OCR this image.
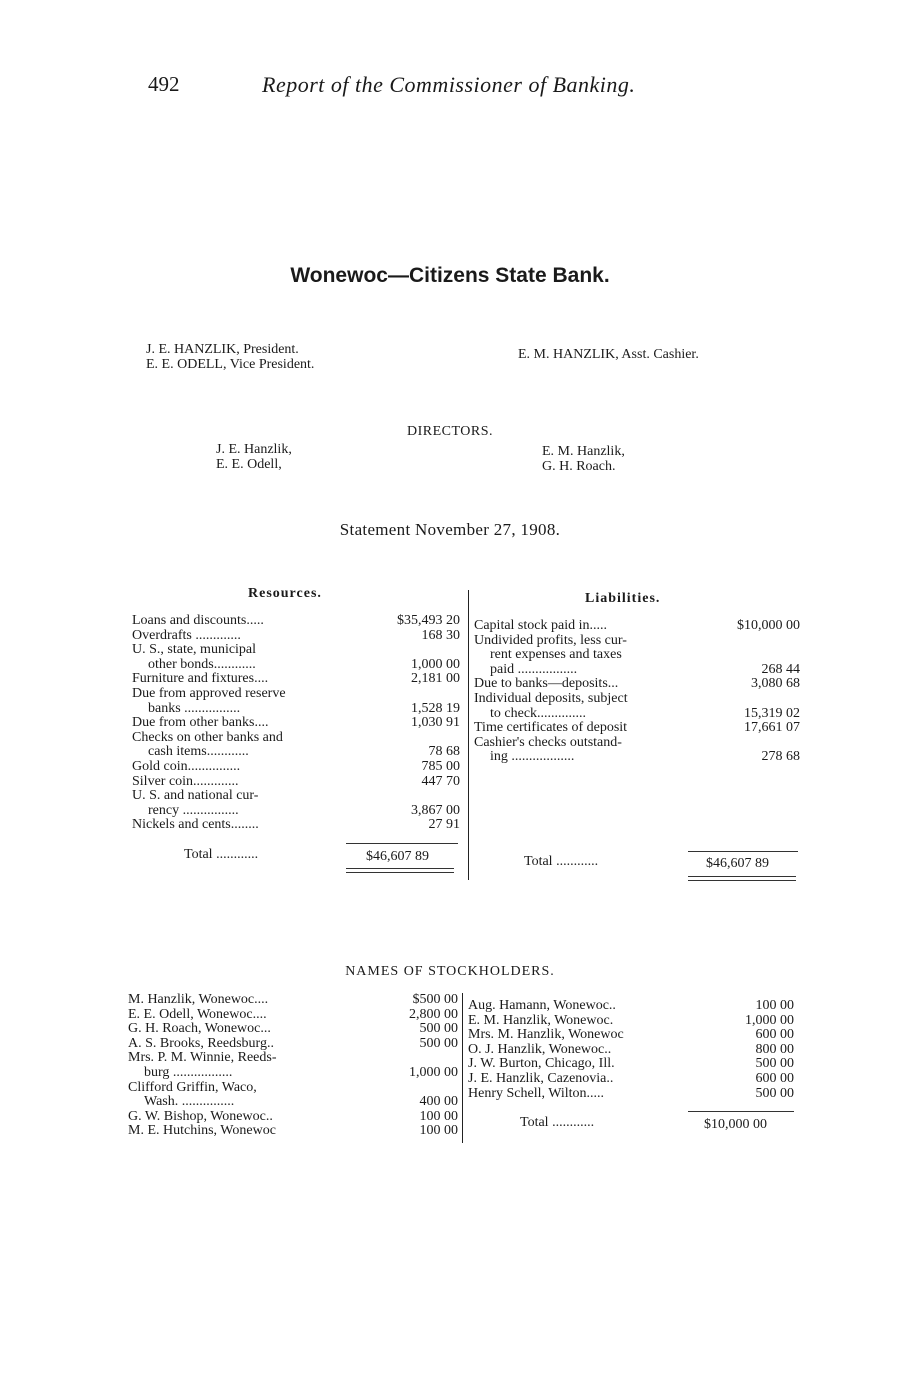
492	Report of the Commissioner of Banking.
Wonewoc—Citizens State Bank.
J. E. HANZLIK, President.
E. E. ODELL, Vice President.
E. M. HANZLIK, Asst. Cashier.
DIRECTORS.
J. E. Hanzlik,
E. E. Odell,
E. M. Hanzlik,
G. H. Roach.
Statement November 27, 1908.
Resources.	Liabilities.
Loans and discounts.....	$35,493 20
Overdrafts .............	168 30
U. S., state, municipal
other bonds............	1,000 00
Furniture and fixtures....	2,181 00
Due from approved reserve
banks ................	1,528 19
Due from other banks....	1,030 91
Checks on other banks and
cash items............	78 68
Gold coin...............	785 00
Silver coin.............	447 70
U. S. and national cur-
rency ................	3,867 00
Nickels and cents........	27 91
Total ............	$46,607 89
Capital stock paid in.....	$10,000 00
Undivided profits, less cur-
rent expenses and taxes
paid .................	268 44
Due to banks—deposits...	3,080 68
Individual deposits, subject
to check..............	15,319 02
Time certificates of deposit	17,661 07
Cashier's checks outstand-
ing ..................	278 68
Total ............	$46,607 89
NAMES OF STOCKHOLDERS.
M. Hanzlik, Wonewoc....	$500 00
E. E. Odell, Wonewoc....	2,800 00
G. H. Roach, Wonewoc...	500 00
A. S. Brooks, Reedsburg..	500 00
Mrs. P. M. Winnie, Reeds-
burg .................	1,000 00
Clifford Griffin, Waco,
Wash. ...............	400 00
G. W. Bishop, Wonewoc..	100 00
M. E. Hutchins, Wonewoc	100 00
Aug. Hamann, Wonewoc..	100 00
E. M. Hanzlik, Wonewoc.	1,000 00
Mrs. M. Hanzlik, Wonewoc	600 00
O. J. Hanzlik, Wonewoc..	800 00
J. W. Burton, Chicago, Ill.	500 00
J. E. Hanzlik, Cazenovia..	600 00
Henry Schell, Wilton.....	500 00
Total ............	$10,000 00
